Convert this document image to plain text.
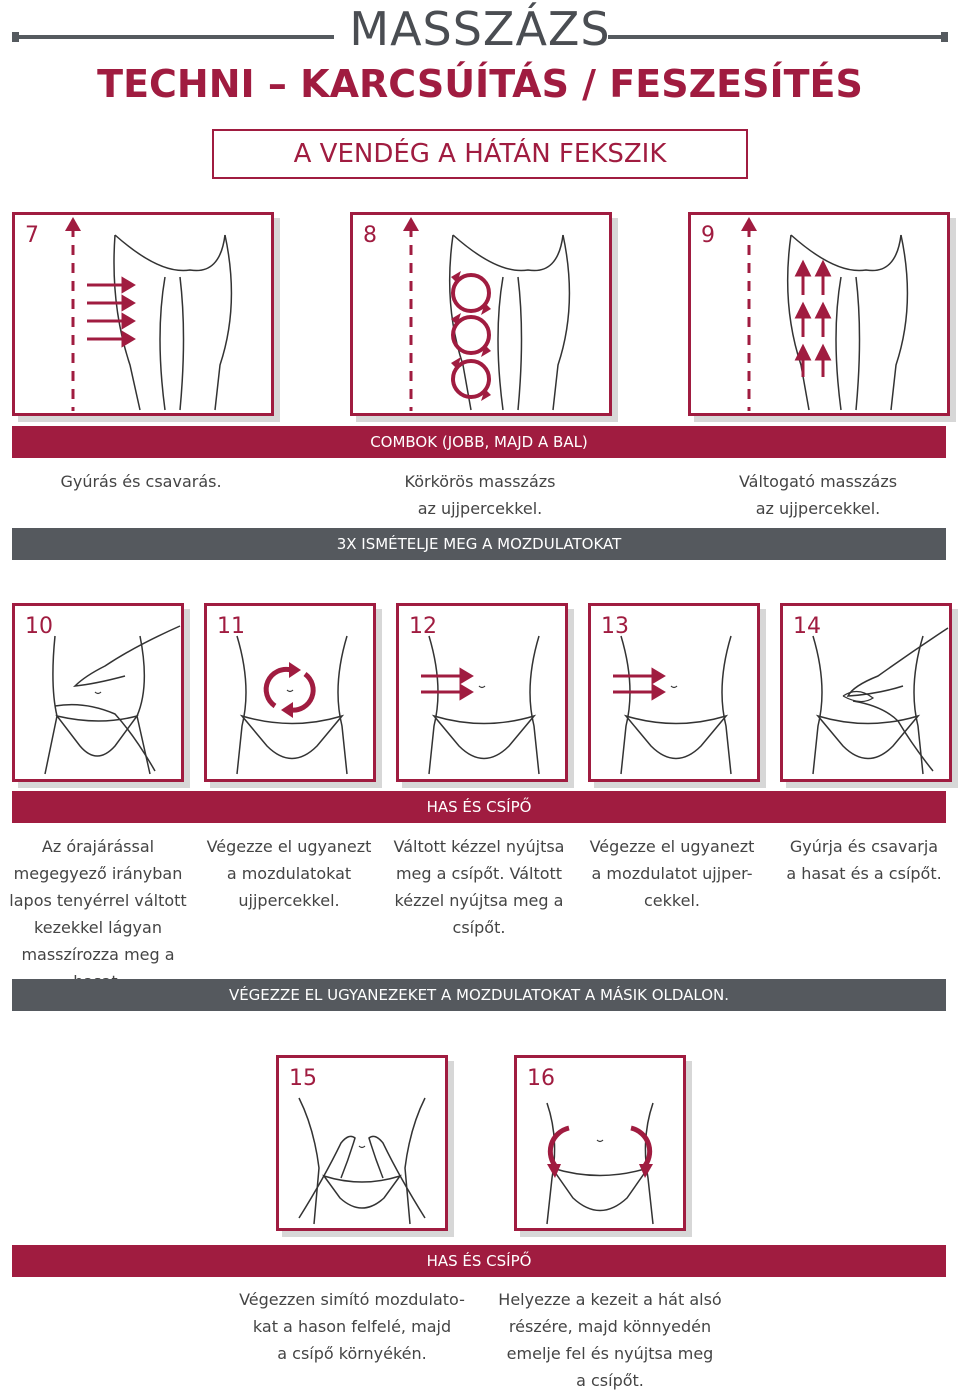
MASSZÁZS
TECHNI – KARCSÚÍTÁS / FESZESÍTÉS
A VENDÉG A HÁTÁN FEKSZIK
7	8	9
COMBOK (JOBB, MAJD A BAL)
Gyúrás és csavarás.	Körkörös masszázs
az ujjpercekkel.
Váltogató masszázs
az ujjpercekkel.
3X ISMÉTELJE MEG A MOZDULATOKAT
10	11	12	13	14
HAS ÉS CSÍPŐ
Az órajárással
megegyező irányban
lapos tenyérrel váltott
kezekkel lágyan
masszírozza meg a
Végezze el ugyanezt
a mozdulatokat
ujjpercekkel.
Váltott kézzel nyújtsa
meg a csípőt. Váltott
kézzel nyújtsa meg a
csípőt.
Végezze el ugyanezt
a mozdulatot ujjper-
cekkel.
Gyúrja és csavarja
a hasat és a csípőt.
VÉGEZZE EL UGYANEZEKET A MOZDULATOKAT A MÁSIK OLDALON.
15	16
HAS ÉS CSÍPŐ
Végezzen simító mozdulato-
kat a hason felfelé, majd
a csípő környékén.
Helyezze a kezeit a hát alsó
részére, majd könnyedén
emelje fel és nyújtsa meg
a csípőt.
